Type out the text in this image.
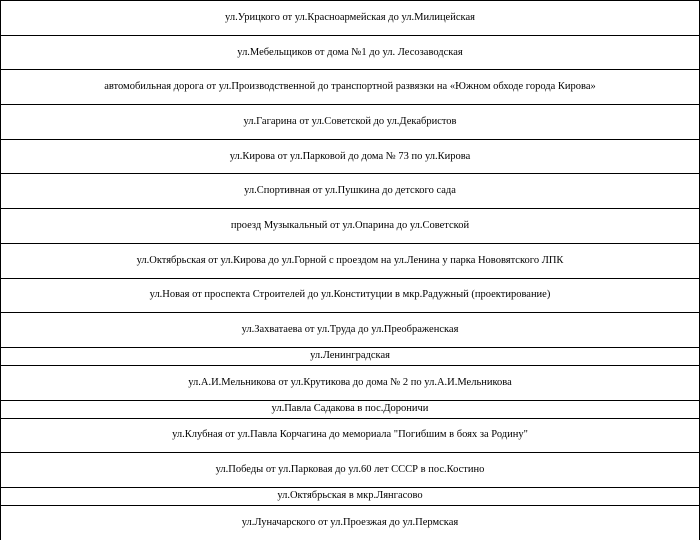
ул.Урицкого от ул.Красноармейская до ул.Милицейская
ул.Мебельщиков от дома №1 до ул. Лесозаводская
автомобильная дорога от ул.Производственной до транспортной развязки на «Южном обходе города Кирова»
ул.Гагарина от ул.Советской до ул.Декабристов
ул.Кирова от ул.Парковой до дома № 73 по ул.Кирова
ул.Спортивная от ул.Пушкина до детского сада
проезд Музыкальный от ул.Опарина до ул.Советской
ул.Октябрьская от ул.Кирова до ул.Горной с проездом на ул.Ленина у парка Нововятского ЛПК
ул.Новая от проспекта Строителей до ул.Конституции в мкр.Радужный (проектирование)
ул.Захватаева от ул.Труда до ул.Преображенская
ул.Ленинградская
ул.А.И.Мельникова от ул.Крутикова до дома № 2 по ул.А.И.Мельникова
ул.Павла Садакова в пос.Дороничи
ул.Клубная от ул.Павла Корчагина до мемориала "Погибшим в боях за Родину"
ул.Победы от ул.Парковая до ул.60 лет СССР в пос.Костино
ул.Октябрьская в мкр.Лянгасово
ул.Луначарского от ул.Проезжая до ул.Пермская
